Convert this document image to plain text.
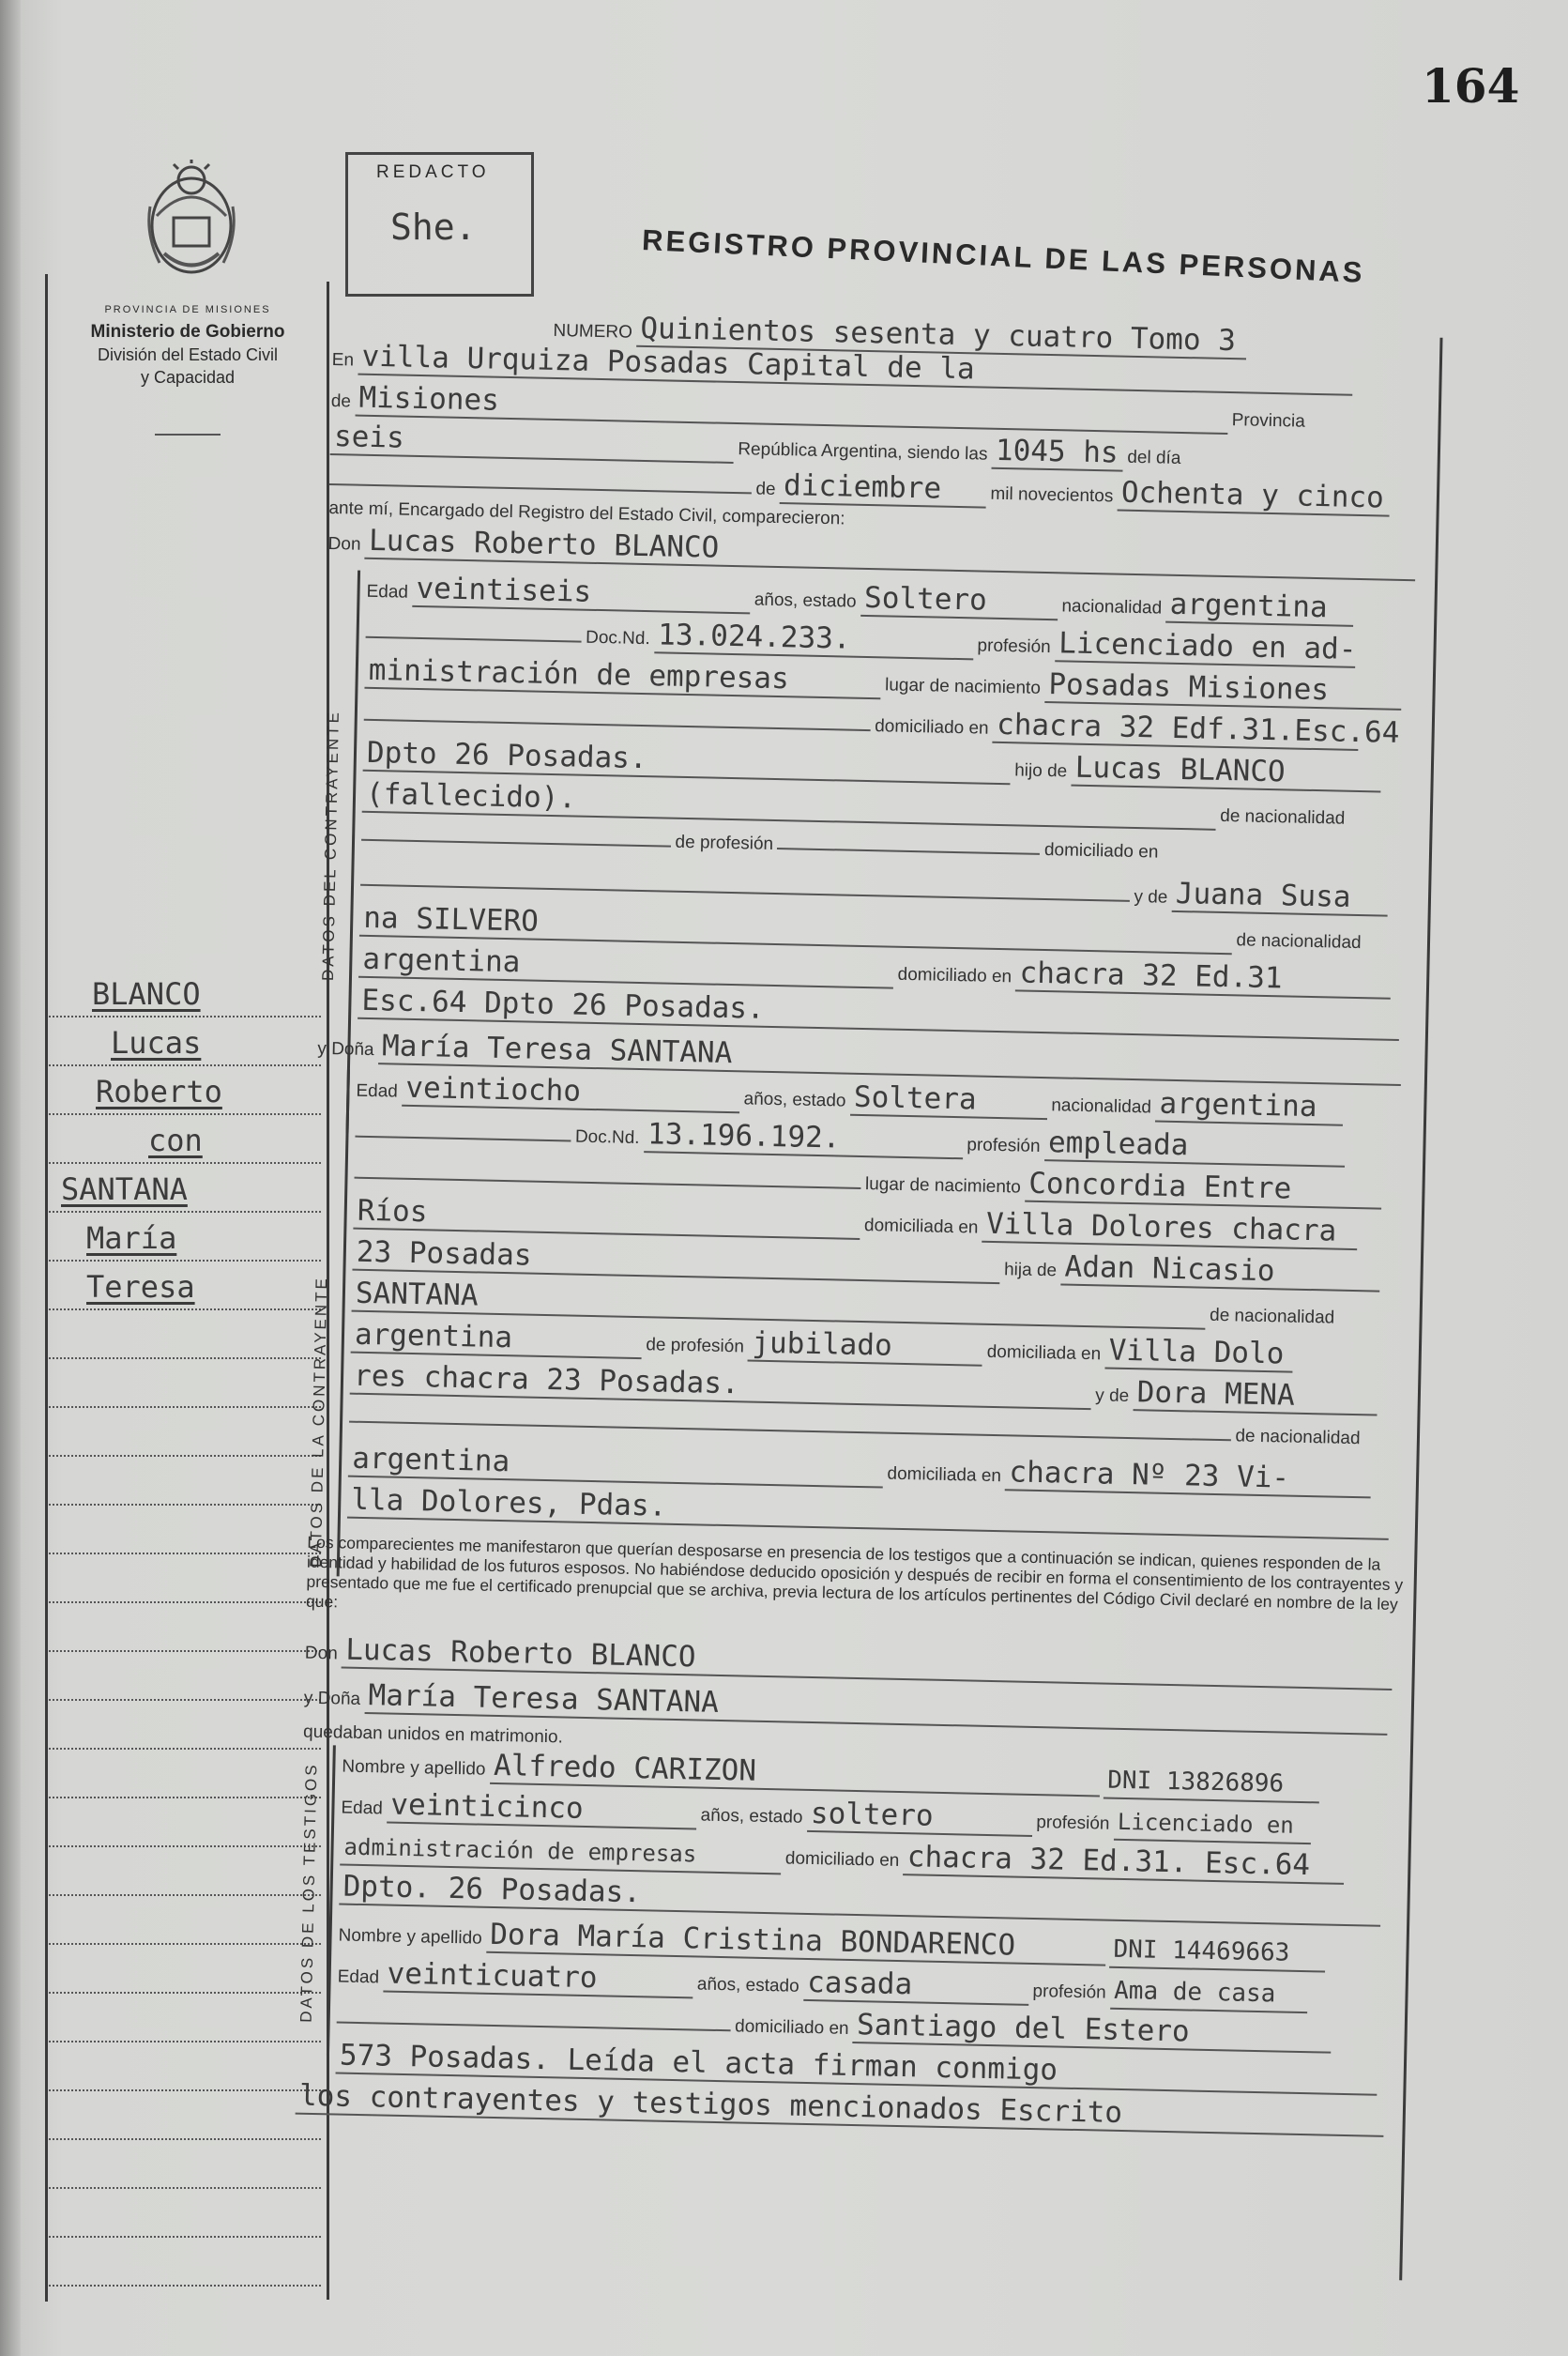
164
PROVINCIA DE MISIONES
Ministerio de Gobierno
División del Estado Civil
y Capacidad
REDACTO
She.	REGISTRO PROVINCIAL DE LAS PERSONAS
BLANCO
Lucas
Roberto
con
SANTANA
María
Teresa
NUMERO Quinientos sesenta y cuatro Tomo 3
En villa Urquiza Posadas Capital de la
de Misiones Provincia
seis	República Argentina, siendo las 1045 hs del día
de diciembre	mil novecientos Ochenta y cinco
ante mí, Encargado del Registro del Estado Civil, comparecieron:
Don Lucas Roberto BLANCO
DATOS DEL CONTRAYENTE
Edad veintiseis	años, estado Soltero	nacionalidad argentina
Doc.Nd. 13.024.233.	profesión Licenciado en ad-
ministración de empresas	lugar de nacimiento Posadas Misiones
domiciliado en chacra 32 Edf.31.Esc.64
Dpto 26 Posadas.	hijo de Lucas BLANCO
(fallecido). de nacionalidad
de profesión	domiciliado en
y de Juana Susa
na SILVERO de nacionalidad
argentina	domiciliado en chacra 32 Ed.31
Esc.64 Dpto 26 Posadas.
y Doña María Teresa SANTANA
DATOS DE LA CONTRAYENTE
Edad veintiocho	años, estado Soltera	nacionalidad argentina
Doc.Nd. 13.196.192.	profesión empleada
lugar de nacimiento Concordia Entre
Ríos	domiciliada en Villa Dolores chacra
23 Posadas	hija de Adan Nicasio
SANTANA de nacionalidad
argentina	de profesión jubilado	domiciliada en Villa Dolo
res chacra 23 Posadas.	y de Dora MENA
de nacionalidad
argentina	domiciliada en chacra Nº 23 Vi-
lla Dolores, Pdas.
Los comparecientes me manifestaron que querían desposarse en presencia de los testigos que a continuación se indican, quienes responden de la identidad y habilidad de los futuros esposos. No habiéndose deducido oposición y después de recibir en forma el consentimiento de los contrayentes y presentado que me fue el certificado prenupcial que se archiva, previa lectura de los artículos pertinentes del Código Civil declaré en nombre de la ley que:
Don Lucas Roberto BLANCO
y Doña María Teresa SANTANA
quedaban unidos en matrimonio.
DATOS DE LOS TESTIGOS Nombre y apellido Alfredo CARIZON	DNI 13826896
Edad veinticinco	años, estado soltero	profesión Licenciado en
administración de empresas	domiciliado en chacra 32 Ed.31. Esc.64
Dpto. 26 Posadas.
Nombre y apellido Dora María Cristina BONDARENCO	DNI 14469663
Edad veinticuatro	años, estado casada	profesión Ama de casa
domiciliado en Santiago del Estero
573 Posadas. Leída el acta firman conmigo
los contrayentes y testigos mencionados Escrito
